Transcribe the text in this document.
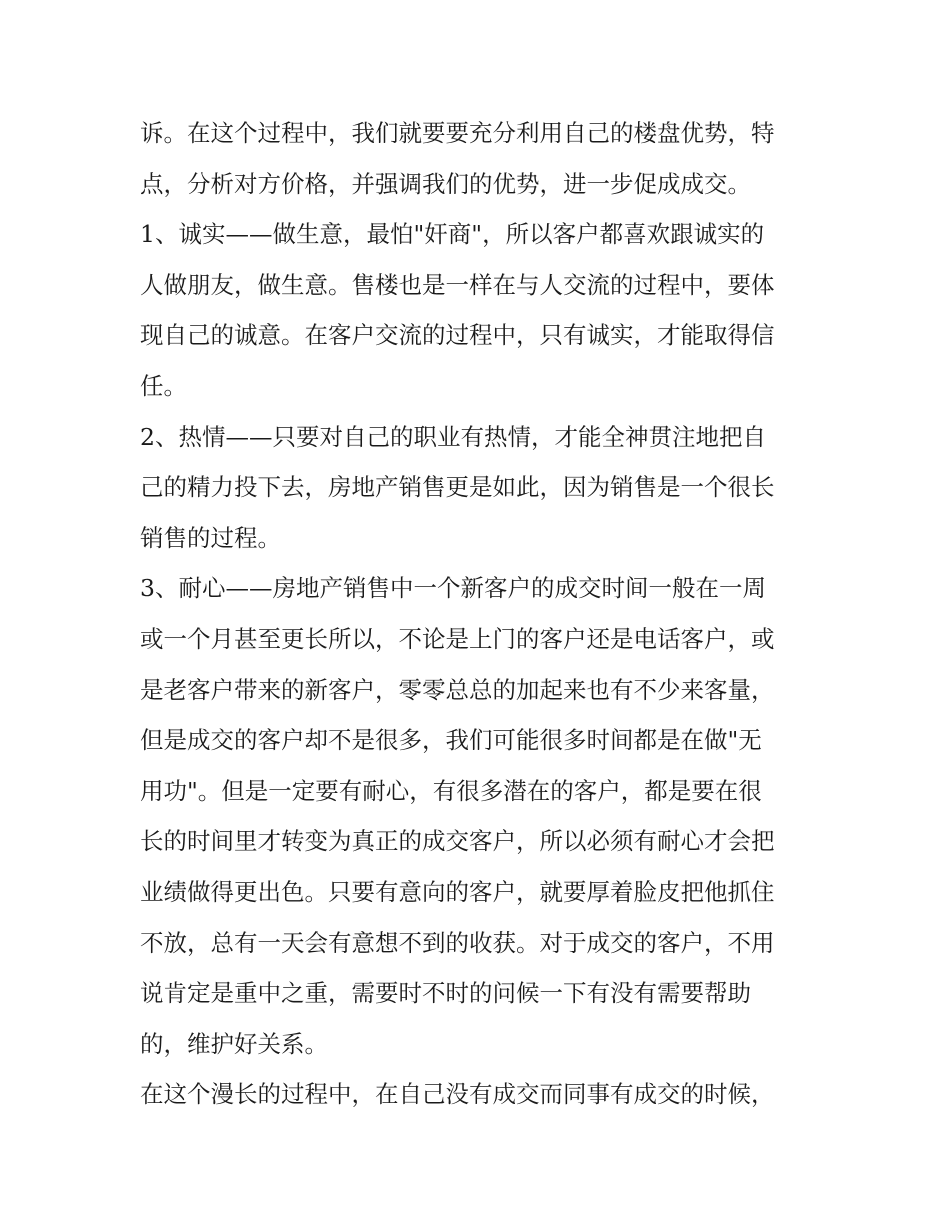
诉。在这个过程中，我们就要要充分利用自己的楼盘优势，特
点，分析对方价格，并强调我们的优势，进一步促成成交。
1、诚实——做生意，最怕"奸商"，所以客户都喜欢跟诚实的
人做朋友，做生意。售楼也是一样在与人交流的过程中，要体
现自己的诚意。在客户交流的过程中，只有诚实，才能取得信
任。
2、热情——只要对自己的职业有热情，才能全神贯注地把自
己的精力投下去，房地产销售更是如此，因为销售是一个很长
销售的过程。
3、耐心——房地产销售中一个新客户的成交时间一般在一周
或一个月甚至更长所以，不论是上门的客户还是电话客户，或
是老客户带来的新客户，零零总总的加起来也有不少来客量，
但是成交的客户却不是很多，我们可能很多时间都是在做"无
用功"。但是一定要有耐心，有很多潜在的客户，都是要在很
长的时间里才转变为真正的成交客户，所以必须有耐心才会把
业绩做得更出色。只要有意向的客户，就要厚着脸皮把他抓住
不放，总有一天会有意想不到的收获。对于成交的客户，不用
说肯定是重中之重，需要时不时的问候一下有没有需要帮助
的，维护好关系。
在这个漫长的过程中，在自己没有成交而同事有成交的时候，
